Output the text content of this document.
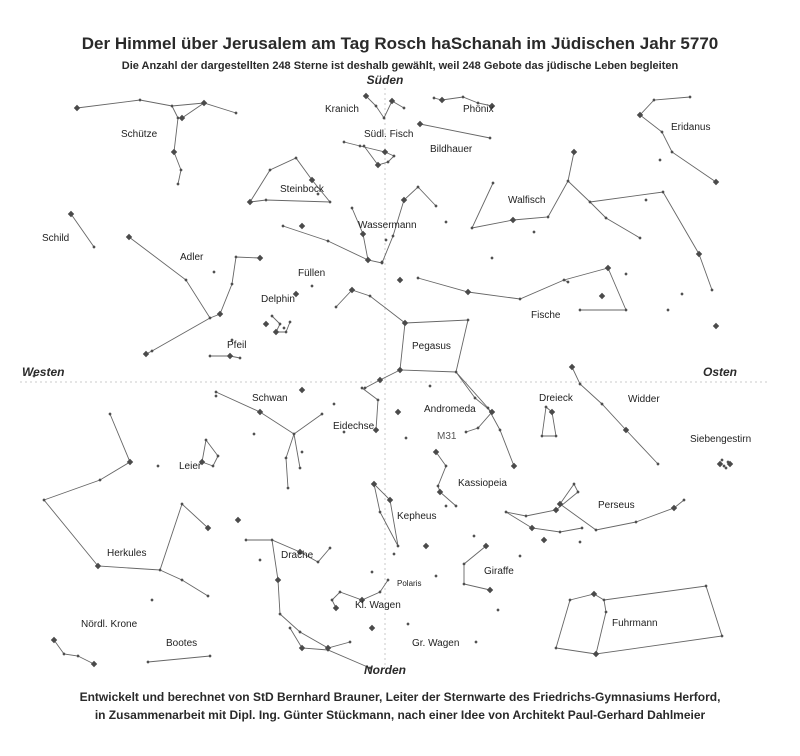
Der Himmel über Jerusalem am Tag Rosch haSchanah im Jüdischen Jahr 5770
Die Anzahl der dargestellten 248 Sterne ist deshalb gewählt, weil 248 Gebote das jüdische Leben begleiten
Süden
Norden
Westen	Osten
Schütze
Kranich
Südl. Fisch
Phönix
Bildhauer
Eridanus
Steinbock
Walfisch
Schild
Wassermann
Adler
Füllen
Delphin
Fische
Pfeil	Pegasus
Schwan
Andromeda
Dreieck	Widder
Eidechse
M31	Siebengestirn
Leier
Kassiopeia
Perseus
Kepheus
Herkules	Drache
Giraffe
Polaris
Kl. Wagen
Nördl. Krone	Fuhrmann
Bootes	Gr. Wagen
Entwickelt und berechnet von StD Bernhard Brauner, Leiter der Sternwarte des Friedrichs-Gymnasiums Herford,
in Zusammenarbeit mit Dipl. Ing. Günter Stückmann, nach einer Idee von Architekt Paul-Gerhard Dahlmeier
